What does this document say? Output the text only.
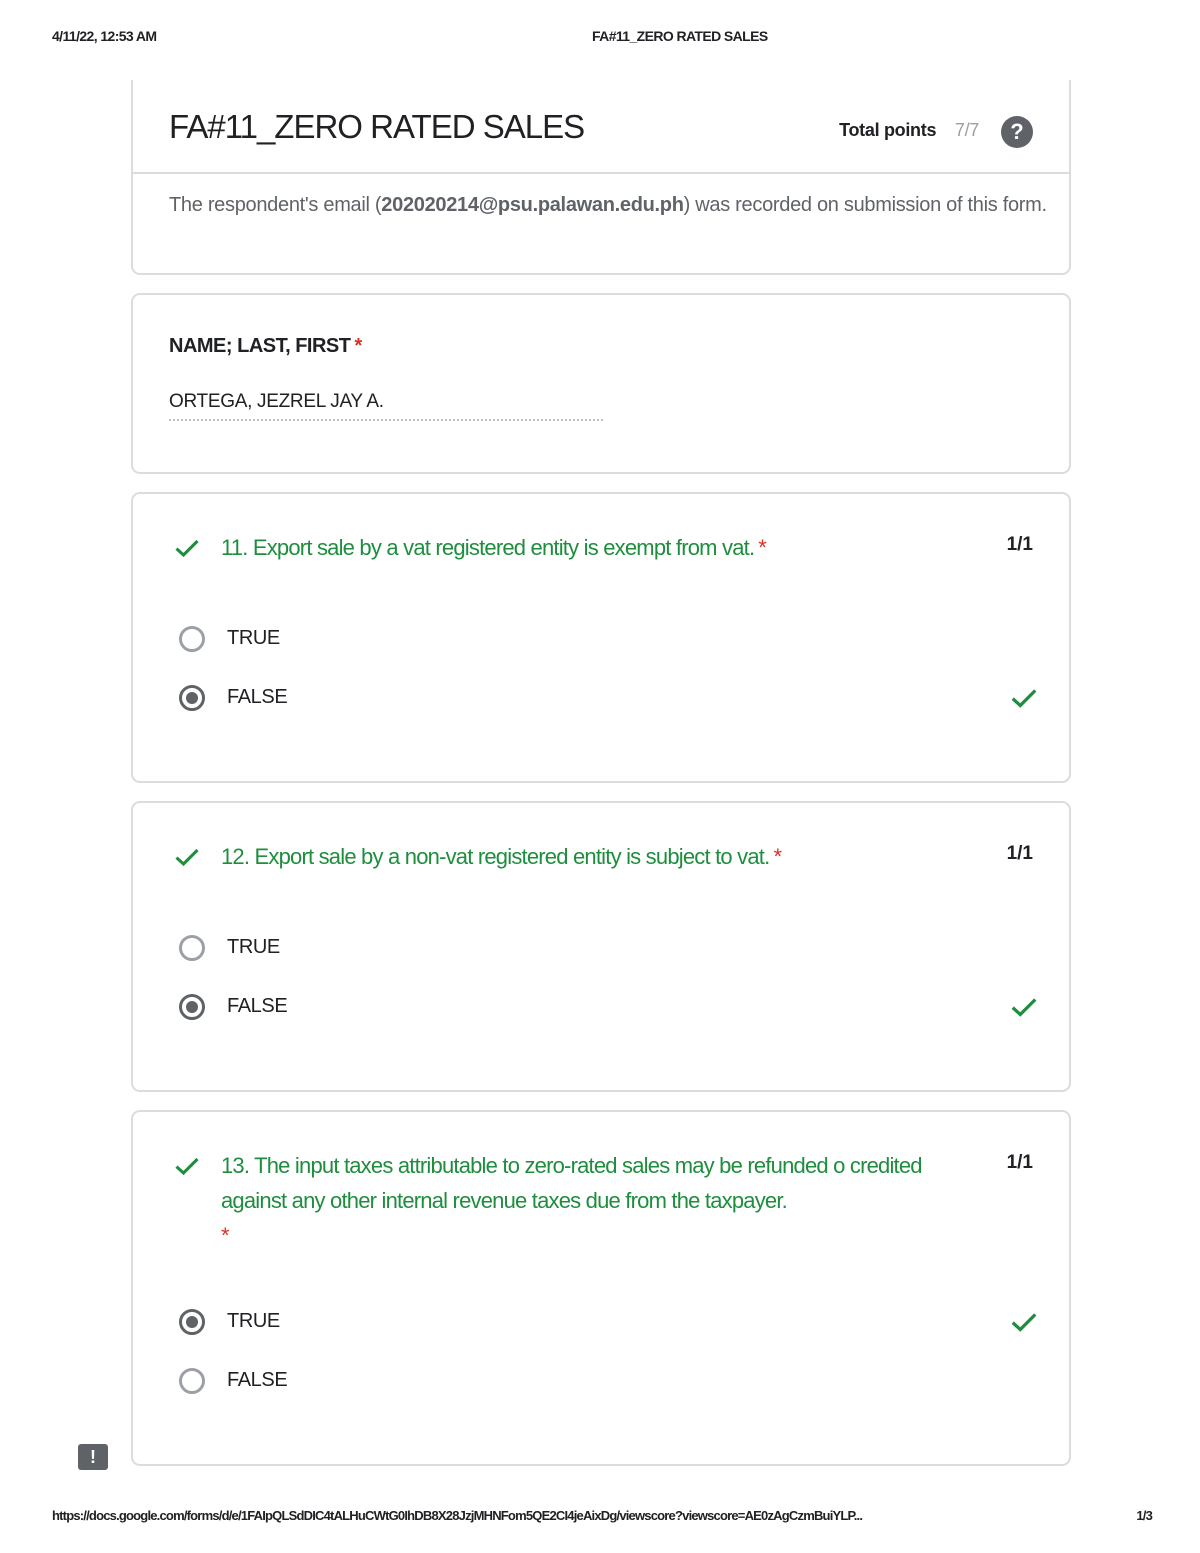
4/11/22, 12:53 AM	FA#11_ZERO RATED SALES
FA#11_ZERO RATED SALES	Total points 7/7	?
The respondent's email (202020214@psu.palawan.edu.ph) was recorded on submission of this form.
NAME; LAST, FIRST *
ORTEGA, JEZREL JAY A.
11. Export sale by a vat registered entity is exempt from vat. *	1/1
TRUE
FALSE
12. Export sale by a non-vat registered entity is subject to vat. *	1/1
TRUE
FALSE
13. The input taxes attributable to zero-rated sales may be refunded o credited against any other internal revenue taxes due from the taxpayer.
*
1/1
TRUE
FALSE
!
https://docs.google.com/forms/d/e/1FAIpQLSdDIC4tALHuCWtG0IhDB8X28JzjMHNFom5QE2CI4jeAixDg/viewscore?viewscore=AE0zAgCzmBuiYLP...	1/3
